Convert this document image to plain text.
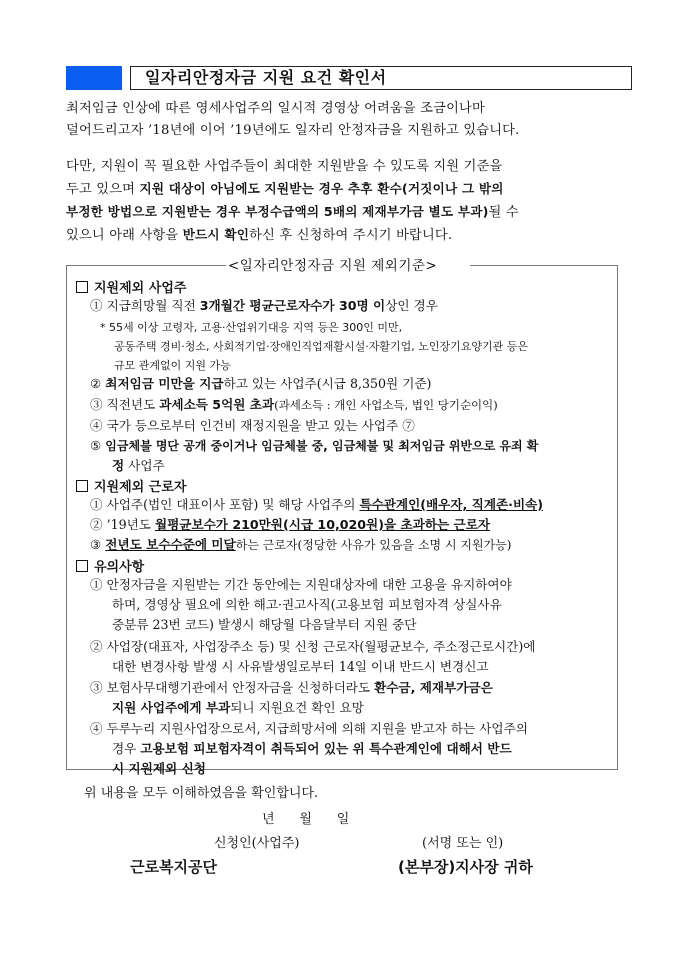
일자리안정자금 지원 요건 확인서
최저임금 인상에 따른 영세사업주의 일시적 경영상 어려움을 조금이나마
덜어드리고자 ’18년에 이어 ’19년에도 일자리 안정자금을 지원하고 있습니다.
다만, 지원이 꼭 필요한 사업주들이 최대한 지원받을 수 있도록 지원 기준을
두고 있으며 지원 대상이 아님에도 지원받는 경우 추후 환수(거짓이나 그 밖의
부정한 방법으로 지원받는 경우 부정수급액의 5배의 제재부가금 별도 부과)될 수
있으니 아래 사항을 반드시 확인하신 후 신청하여 주시기 바랍니다.
<일자리안정자금 지원 제외기준>
지원제외 사업주
① 지급희망월 직전 3개월간 평균근로자수가 30명 이상인 경우
* 55세 이상 고령자, 고용·산업위기대응 지역 등은 300인 미만,
공동주택 경비·청소, 사회적기업·장애인직업재활시설·자활기업, 노인장기요양기관 등은
규모 관계없이 지원 가능
② 최저임금 미만을 지급하고 있는 사업주(시급 8,350원 기준)
③ 직전년도 과세소득 5억원 초과(과세소득 : 개인 사업소득, 법인 당기순이익)
④ 국가 등으로부터 인건비 재정지원을 받고 있는 사업주 ⑦
⑤ 임금체불 명단 공개 중이거나 임금체불 중, 임금체불 및 최저임금 위반으로 유죄 확
정 사업주
지원제외 근로자
① 사업주(법인 대표이사 포함) 및 해당 사업주의 특수관계인(배우자, 직계존·비속)
② ’19년도 월평균보수가 210만원(시급 10,020원)을 초과하는 근로자
③ 전년도 보수수준에 미달하는 근로자(정당한 사유가 있음을 소명 시 지원가능)
유의사항
① 안정자금을 지원받는 기간 동안에는 지원대상자에 대한 고용을 유지하여야
하며, 경영상 필요에 의한 해고·권고사직(고용보험 피보험자격 상실사유
중분류 23번 코드) 발생시 해당월 다음달부터 지원 중단
② 사업장(대표자, 사업장주소 등) 및 신청 근로자(월평균보수, 주소정근로시간)에
대한 변경사항 발생 시 사유발생일로부터 14일 이내 반드시 변경신고
③ 보험사무대행기관에서 안정자금을 신청하더라도 환수금, 제재부가금은
지원 사업주에게 부과되니 지원요건 확인 요망
④ 두루누리 지원사업장으로서, 지급희망서에 의해 지원을 받고자 하는 사업주의
경우 고용보험 피보험자격이 취득되어 있는 위 특수관계인에 대해서 반드
시 지원제외 신청
위 내용을 모두 이해하였음을 확인합니다.
년      월      일
신청인(사업주)	(서명 또는 인)
근로복지공단	(본부장)지사장 귀하
